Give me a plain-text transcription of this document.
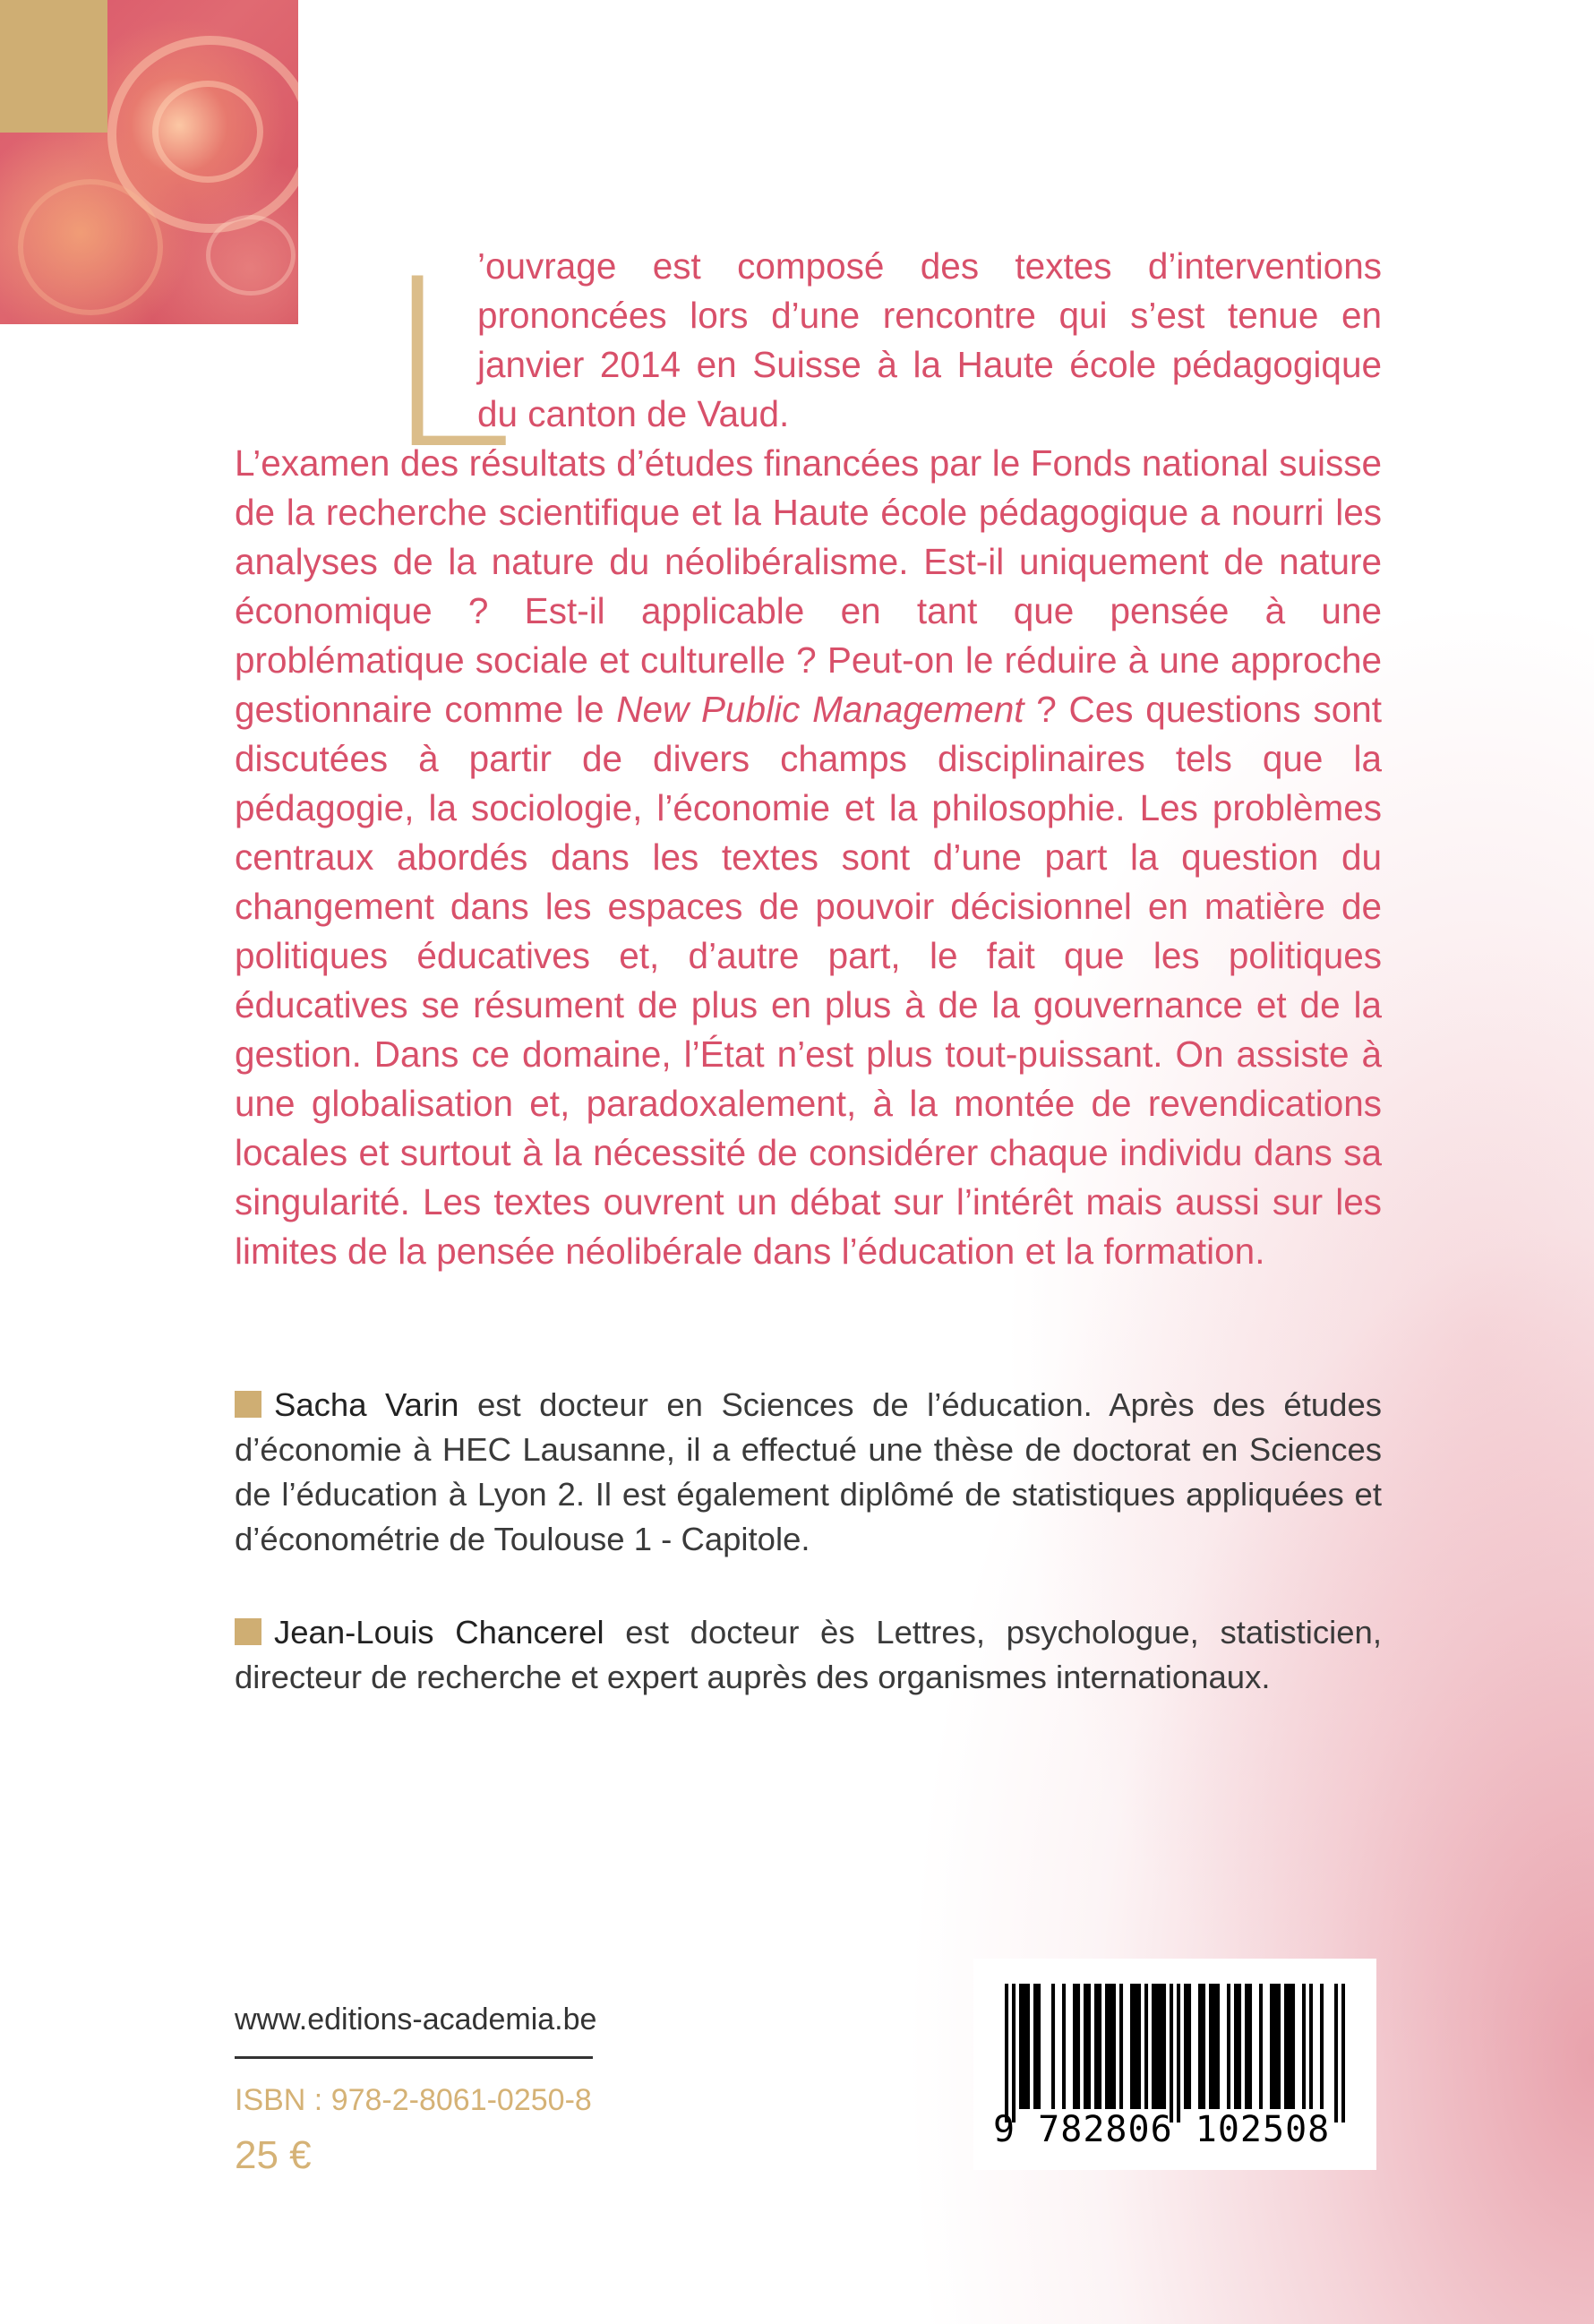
L
’ouvrage est composé des textes d’interventions prononcées lors d’une rencontre qui s’est tenue en janvier 2014 en Suisse à la Haute école pédagogique du canton de Vaud.
L’examen des résultats d’études financées par le Fonds national suisse de la recherche scientifique et la Haute école pédagogique a nourri les analyses de la nature du néolibéralisme. Est-il uniquement de nature économique ? Est-il applicable en tant que pensée à une problématique sociale et culturelle ? Peut-on le réduire à une approche gestionnaire comme le New Public Management ? Ces questions sont discutées à partir de divers champs disciplinaires tels que la pédagogie, la sociologie, l’économie et la philosophie. Les problèmes centraux abordés dans les textes sont d’une part la question du changement dans les espaces de pouvoir décisionnel en matière de politiques éducatives et, d’autre part, le fait que les politiques éducatives se résument de plus en plus à de la gouvernance et de la gestion. Dans ce domaine, l’État n’est plus tout-puissant. On assiste à une globalisation et, paradoxalement, à la montée de revendications locales et surtout à la nécessité de considérer chaque individu dans sa singularité. Les textes ouvrent un débat sur l’intérêt mais aussi sur les limites de la pensée néolibérale dans l’éducation et la formation.
Sacha Varin est docteur en Sciences de l’éducation. Après des études d’économie à HEC Lausanne, il a effectué une thèse de doctorat en Sciences de l’éducation à Lyon 2. Il est également diplômé de statistiques appliquées et d’économétrie de Toulouse 1 - Capitole.
Jean-Louis Chancerel est docteur ès Lettres, psychologue, statisticien, directeur de recherche et expert auprès des organismes internationaux.
www.editions-academia.be
ISBN : 978-2-8061-0250-8
25 €
9 782806 102508
